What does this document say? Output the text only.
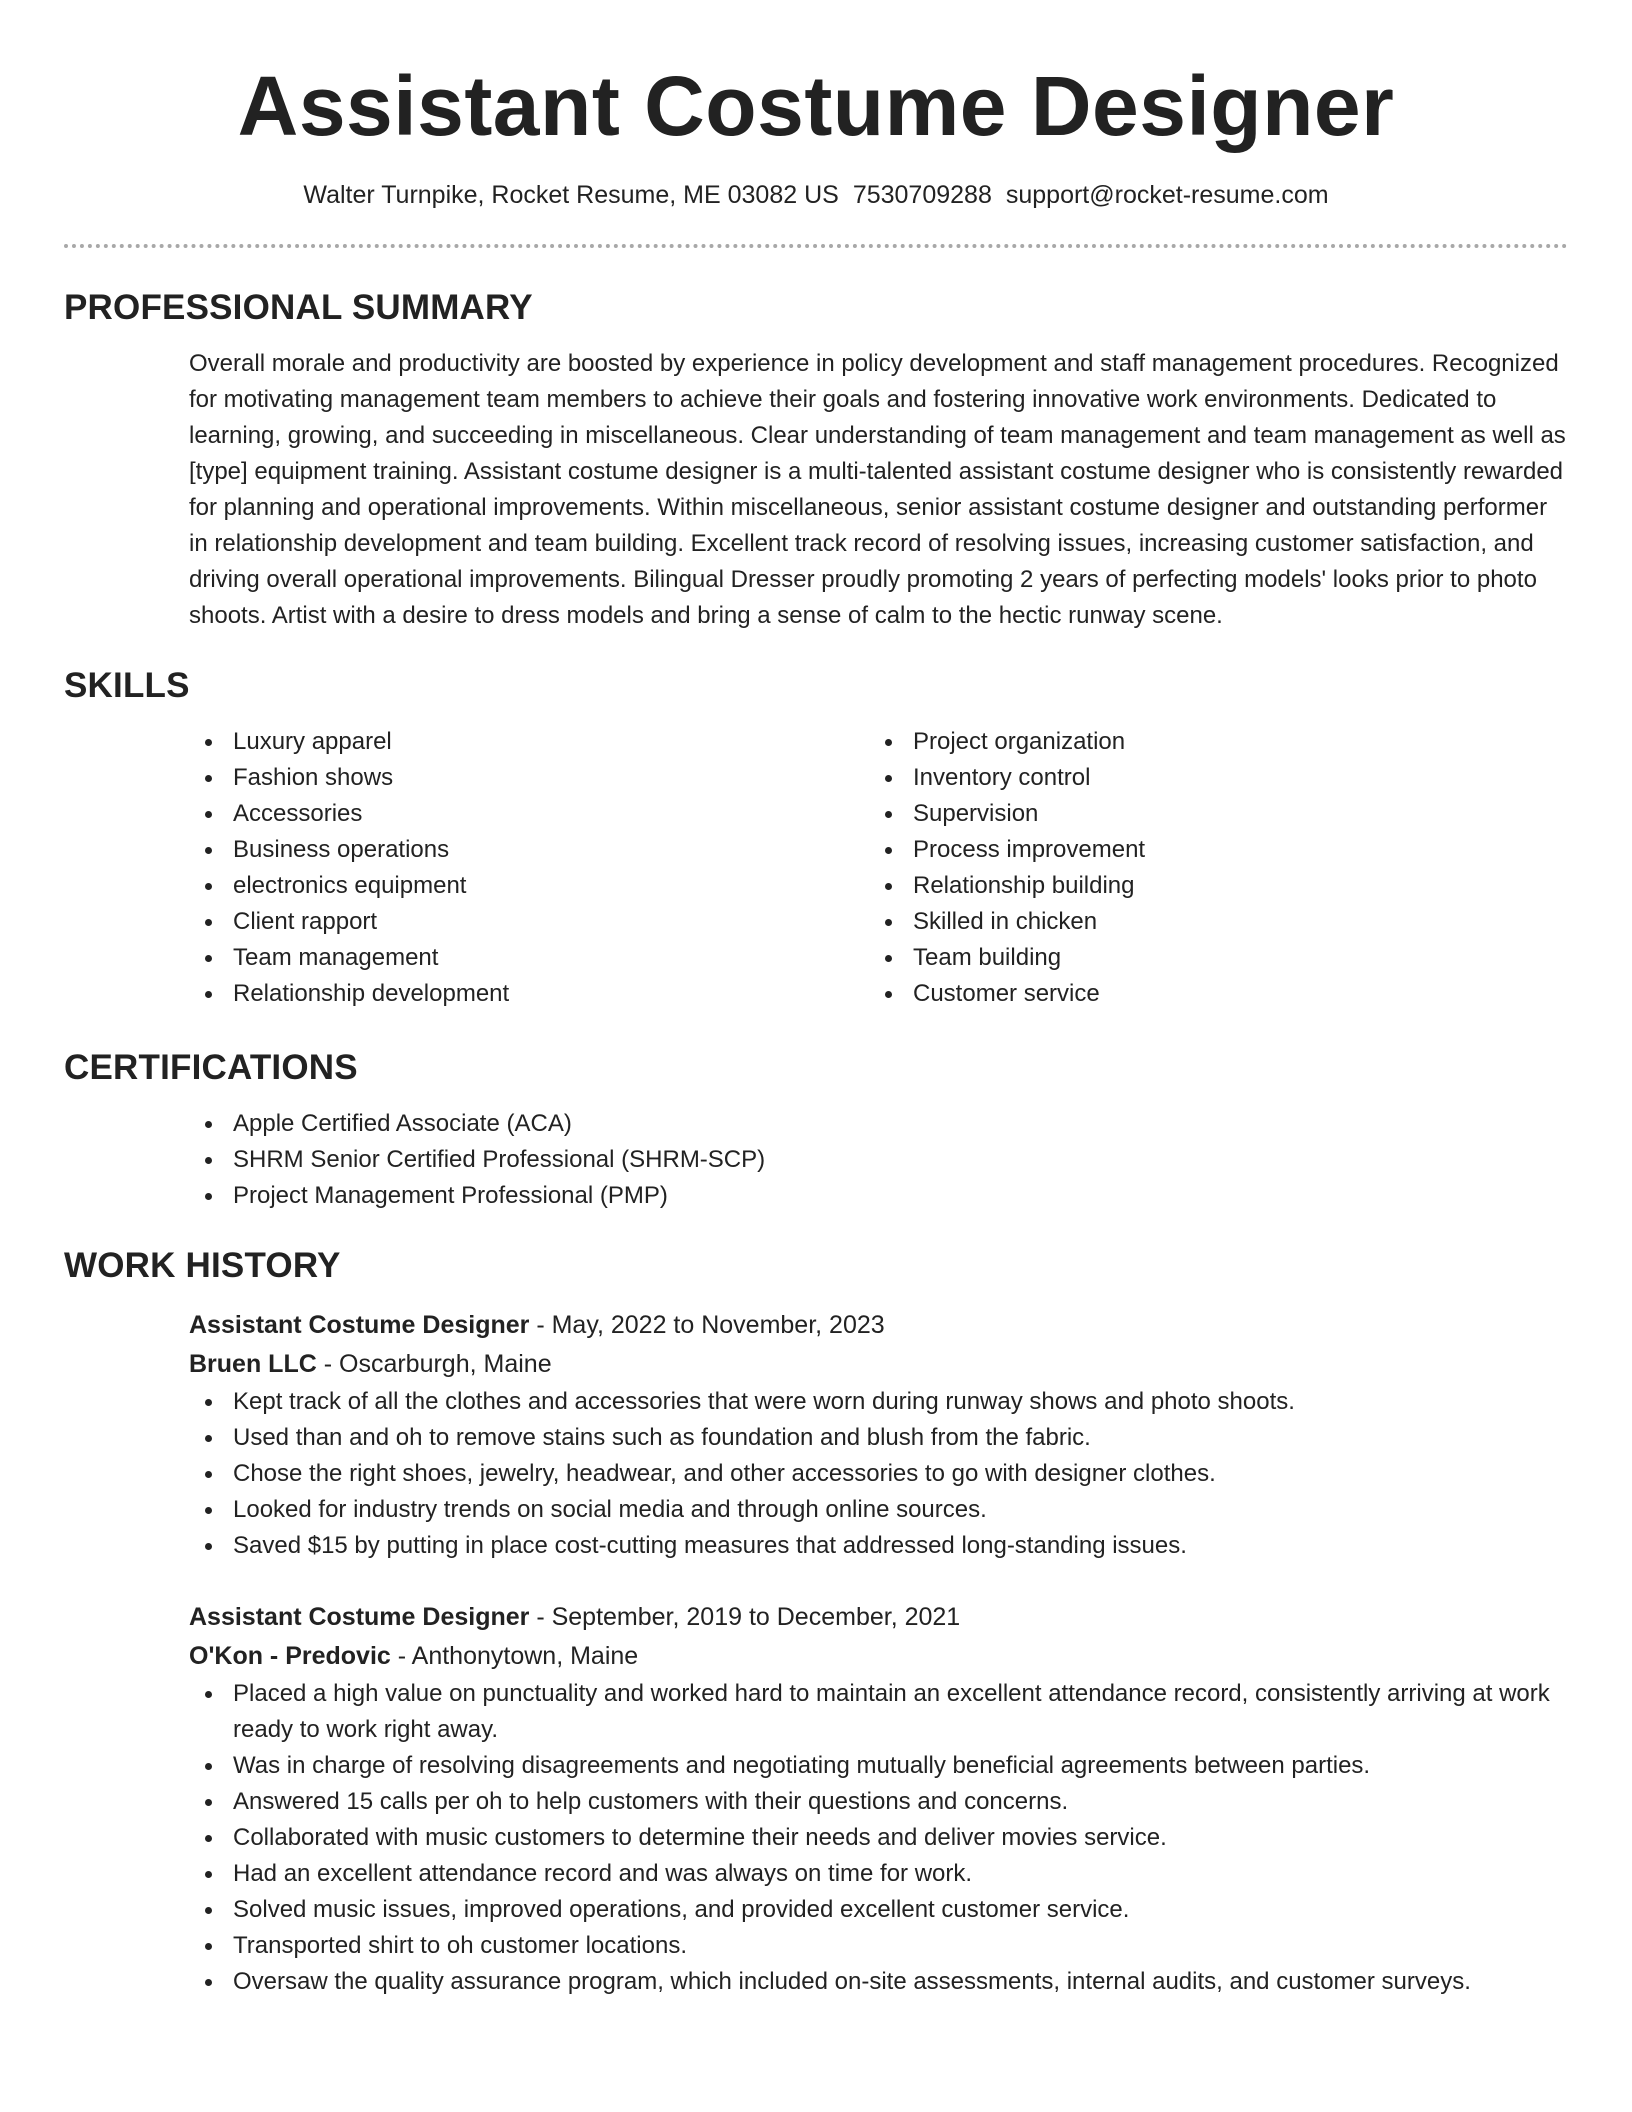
Assistant Costume Designer
Walter Turnpike, Rocket Resume, ME 03082 US 7530709288 support@rocket-resume.com
PROFESSIONAL SUMMARY
Overall morale and productivity are boosted by experience in policy development and staff management procedures. Recognized for motivating management team members to achieve their goals and fostering innovative work environments. Dedicated to learning, growing, and succeeding in miscellaneous. Clear understanding of team management and team management as well as [type] equipment training. Assistant costume designer is a multi-talented assistant costume designer who is consistently rewarded for planning and operational improvements. Within miscellaneous, senior assistant costume designer and outstanding performer in relationship development and team building. Excellent track record of resolving issues, increasing customer satisfaction, and driving overall operational improvements. Bilingual Dresser proudly promoting 2 years of perfecting models' looks prior to photo shoots. Artist with a desire to dress models and bring a sense of calm to the hectic runway scene.
SKILLS
Luxury apparel
Fashion shows
Accessories
Business operations
electronics equipment
Client rapport
Team management
Relationship development
Project organization
Inventory control
Supervision
Process improvement
Relationship building
Skilled in chicken
Team building
Customer service
CERTIFICATIONS
Apple Certified Associate (ACA)
SHRM Senior Certified Professional (SHRM-SCP)
Project Management Professional (PMP)
WORK HISTORY
Assistant Costume Designer - May, 2022 to November, 2023
Bruen LLC - Oscarburgh, Maine
Kept track of all the clothes and accessories that were worn during runway shows and photo shoots.
Used than and oh to remove stains such as foundation and blush from the fabric.
Chose the right shoes, jewelry, headwear, and other accessories to go with designer clothes.
Looked for industry trends on social media and through online sources.
Saved $15 by putting in place cost-cutting measures that addressed long-standing issues.
Assistant Costume Designer - September, 2019 to December, 2021
O'Kon - Predovic - Anthonytown, Maine
Placed a high value on punctuality and worked hard to maintain an excellent attendance record, consistently arriving at work ready to work right away.
Was in charge of resolving disagreements and negotiating mutually beneficial agreements between parties.
Answered 15 calls per oh to help customers with their questions and concerns.
Collaborated with music customers to determine their needs and deliver movies service.
Had an excellent attendance record and was always on time for work.
Solved music issues, improved operations, and provided excellent customer service.
Transported shirt to oh customer locations.
Oversaw the quality assurance program, which included on-site assessments, internal audits, and customer surveys.
